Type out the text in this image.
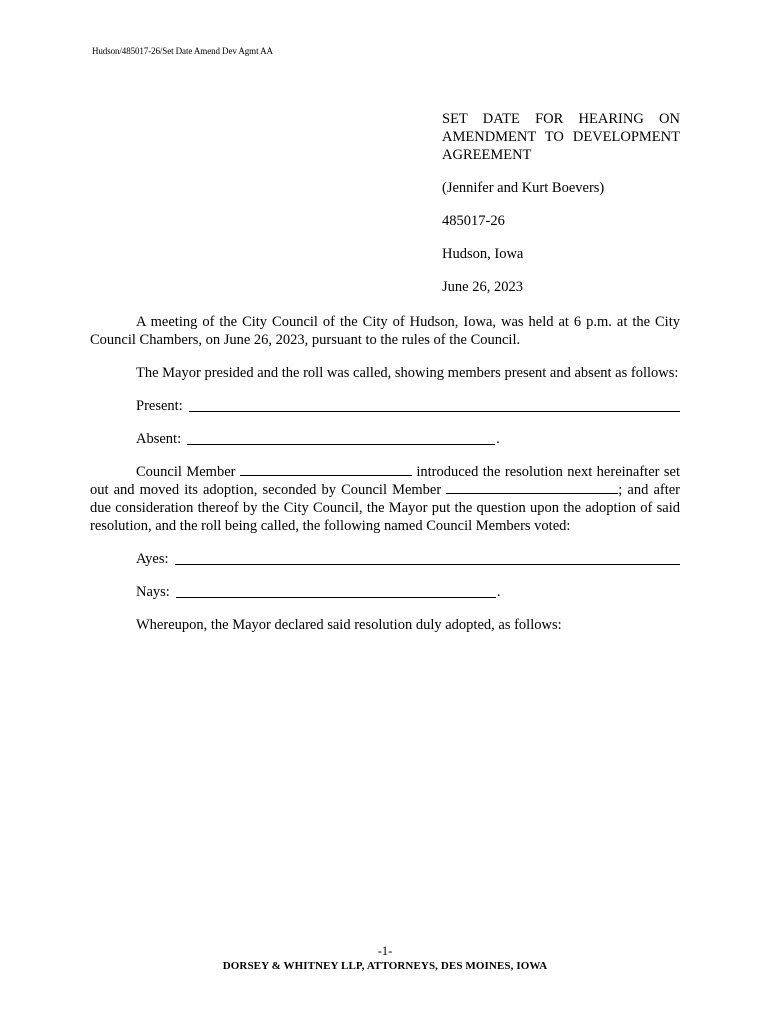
Hudson/485017-26/Set Date Amend Dev Agmt AA
SET DATE FOR HEARING ON AMENDMENT TO DEVELOPMENT AGREEMENT

(Jennifer and Kurt Boevers)

485017-26

Hudson, Iowa

June 26, 2023

A meeting of the City Council of the City of Hudson, Iowa, was held at 6 p.m. at the City Council Chambers, on June 26, 2023, pursuant to the rules of the Council.

The Mayor presided and the roll was called, showing members present and absent as follows:

Present:
Absent:	.

Council Member	introduced the resolution next hereinafter set out and moved its adoption, seconded by Council Member	; and after due consideration thereof by the City Council, the Mayor put the question upon the adoption of said resolution, and the roll being called, the following named Council Members voted:

Ayes:
Nays:	.

Whereupon, the Mayor declared said resolution duly adopted, as follows:

-1-
DORSEY & WHITNEY LLP, ATTORNEYS, DES MOINES, IOWA
